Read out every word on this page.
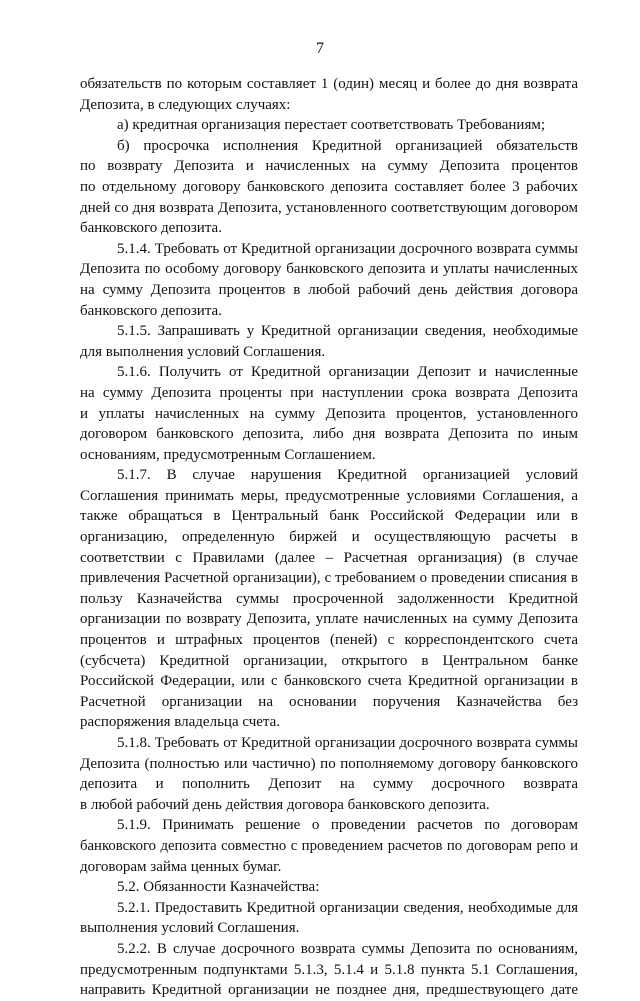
7
обязательств по которым составляет 1 (один) месяц и более до дня возврата
Депозита, в следующих случаях:
а) кредитная организация перестает соответствовать Требованиям;
б) просрочка исполнения Кредитной организацией обязательств
по возврату Депозита и начисленных на сумму Депозита процентов
по отдельному договору банковского депозита составляет более 3 рабочих
дней со дня возврата Депозита, установленного соответствующим договором
банковского депозита.
5.1.4. Требовать от Кредитной организации досрочного возврата суммы
Депозита по особому договору банковского депозита и уплаты начисленных
на сумму Депозита процентов в любой рабочий день действия договора
банковского депозита.
5.1.5. Запрашивать у Кредитной организации сведения, необходимые
для выполнения условий Соглашения.
5.1.6. Получить от Кредитной организации Депозит и начисленные
на сумму Депозита проценты при наступлении срока возврата Депозита
и уплаты начисленных на сумму Депозита процентов, установленного
договором банковского депозита, либо дня возврата Депозита по иным
основаниям, предусмотренным Соглашением.
5.1.7. В случае нарушения Кредитной организацией условий
Соглашения принимать меры, предусмотренные условиями Соглашения, а
также обращаться в Центральный банк Российской Федерации или в
организацию, определенную биржей и осуществляющую расчеты в
соответствии с Правилами (далее – Расчетная организация) (в случае
привлечения Расчетной организации), с требованием о проведении списания в
пользу Казначейства суммы просроченной задолженности Кредитной
организации по возврату Депозита, уплате начисленных на сумму Депозита
процентов и штрафных процентов (пеней) с корреспондентского счета
(субсчета) Кредитной организации, открытого в Центральном банке
Российской Федерации, или с банковского счета Кредитной организации в
Расчетной организации на основании поручения Казначейства без
распоряжения владельца счета.
5.1.8. Требовать от Кредитной организации досрочного возврата суммы
Депозита (полностью или частично) по пополняемому договору банковского
депозита и пополнить Депозит на сумму досрочного возврата
в любой рабочий день действия договора банковского депозита.
5.1.9. Принимать решение о проведении расчетов по договорам
банковского депозита совместно с проведением расчетов по договорам репо и
договорам займа ценных бумаг.
5.2. Обязанности Казначейства:
5.2.1. Предоставить Кредитной организации сведения, необходимые для
выполнения условий Соглашения.
5.2.2. В случае досрочного возврата суммы Депозита по основаниям,
предусмотренным подпунктами 5.1.3, 5.1.4 и 5.1.8 пункта 5.1 Соглашения,
направить Кредитной организации не позднее дня, предшествующего дате
